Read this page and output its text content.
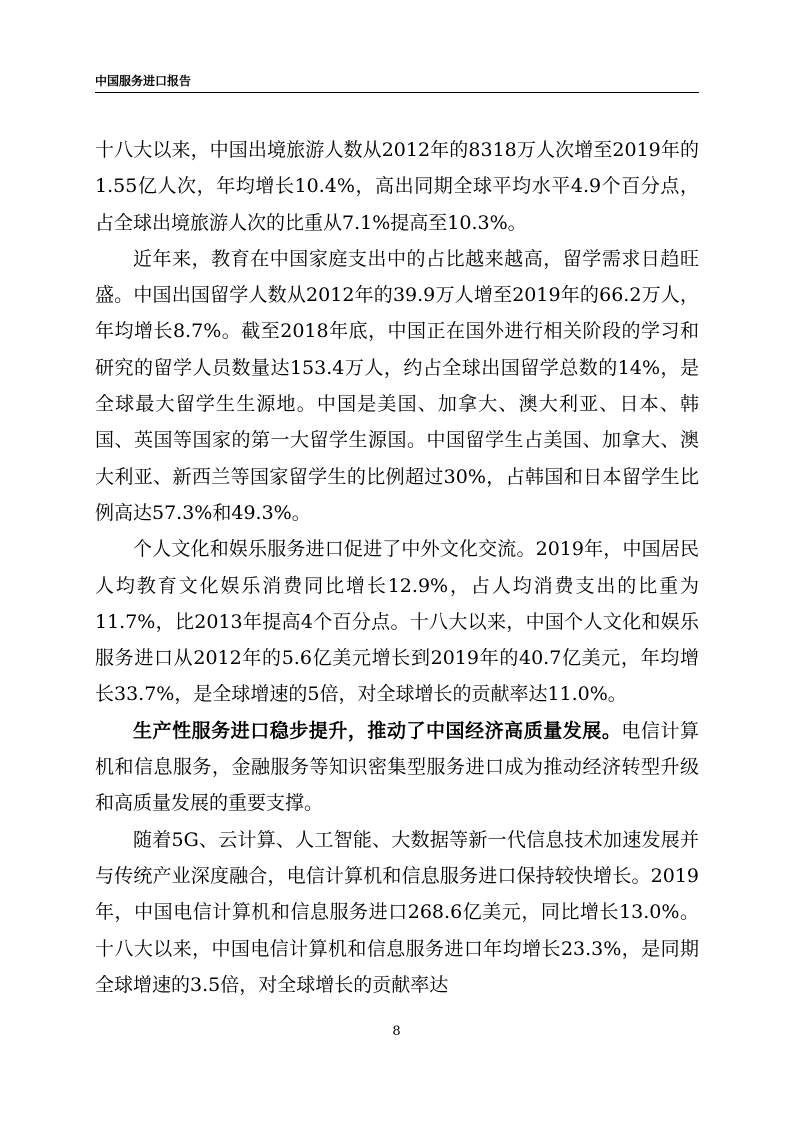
中国服务进口报告

十八大以来，中国出境旅游人数从2012年的8318万人次增至2019年的1.55亿人次，年均增长10.4%，高出同期全球平均水平4.9个百分点，占全球出境旅游人次的比重从7.1%提高至10.3%。

近年来，教育在中国家庭支出中的占比越来越高，留学需求日趋旺盛。中国出国留学人数从2012年的39.9万人增至2019年的66.2万人，年均增长8.7%。截至2018年底，中国正在国外进行相关阶段的学习和研究的留学人员数量达153.4万人，约占全球出国留学总数的14%，是全球最大留学生生源地。中国是美国、加拿大、澳大利亚、日本、韩国、英国等国家的第一大留学生源国。中国留学生占美国、加拿大、澳大利亚、新西兰等国家留学生的比例超过30%，占韩国和日本留学生比例高达57.3%和49.3%。

个人文化和娱乐服务进口促进了中外文化交流。2019年，中国居民人均教育文化娱乐消费同比增长12.9%，占人均消费支出的比重为11.7%，比2013年提高4个百分点。十八大以来，中国个人文化和娱乐服务进口从2012年的5.6亿美元增长到2019年的40.7亿美元，年均增长33.7%，是全球增速的5倍，对全球增长的贡献率达11.0%。

生产性服务进口稳步提升，推动了中国经济高质量发展。电信计算机和信息服务，金融服务等知识密集型服务进口成为推动经济转型升级和高质量发展的重要支撑。

随着5G、云计算、人工智能、大数据等新一代信息技术加速发展并与传统产业深度融合，电信计算机和信息服务进口保持较快增长。2019年，中国电信计算机和信息服务进口268.6亿美元，同比增长13.0%。十八大以来，中国电信计算机和信息服务进口年均增长23.3%，是同期全球增速的3.5倍，对全球增长的贡献率达

8
